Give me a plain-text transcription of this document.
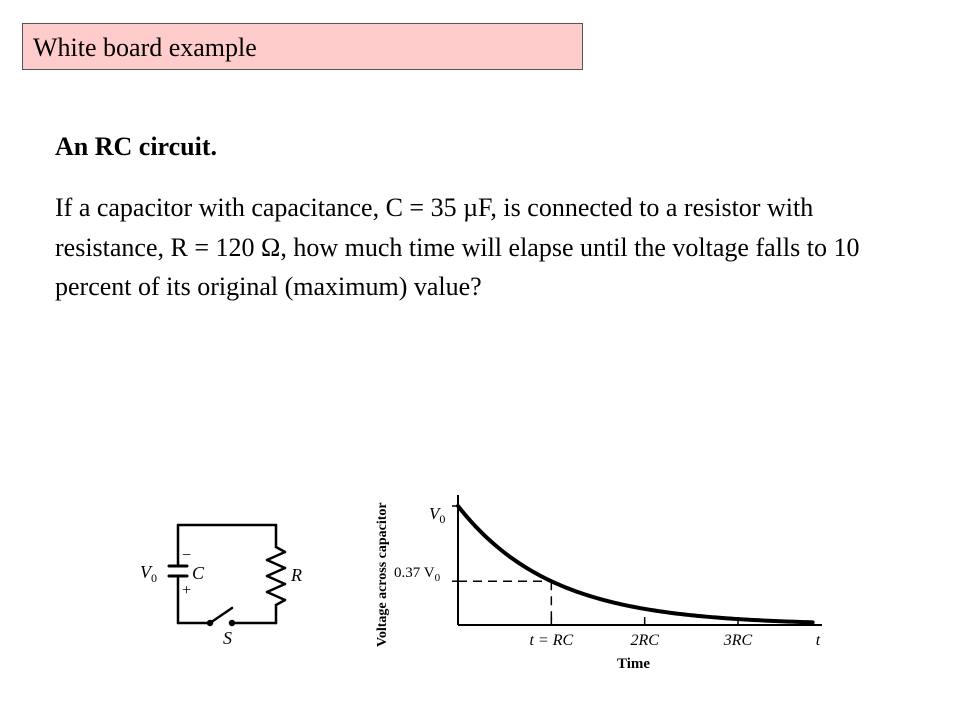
White board example
An RC circuit.

If a capacitor with capacitance, C = 35 µF, is connected to a resistor with resistance, R = 120 Ω, how much time will elapse until the voltage falls to 10 percent of its original (maximum) value?

$V_0$ C	R
S
−
+	Voltage across capacitor
Time
$V_0$
0.37 $V_0$
t = RC	2RC	3RC	t
